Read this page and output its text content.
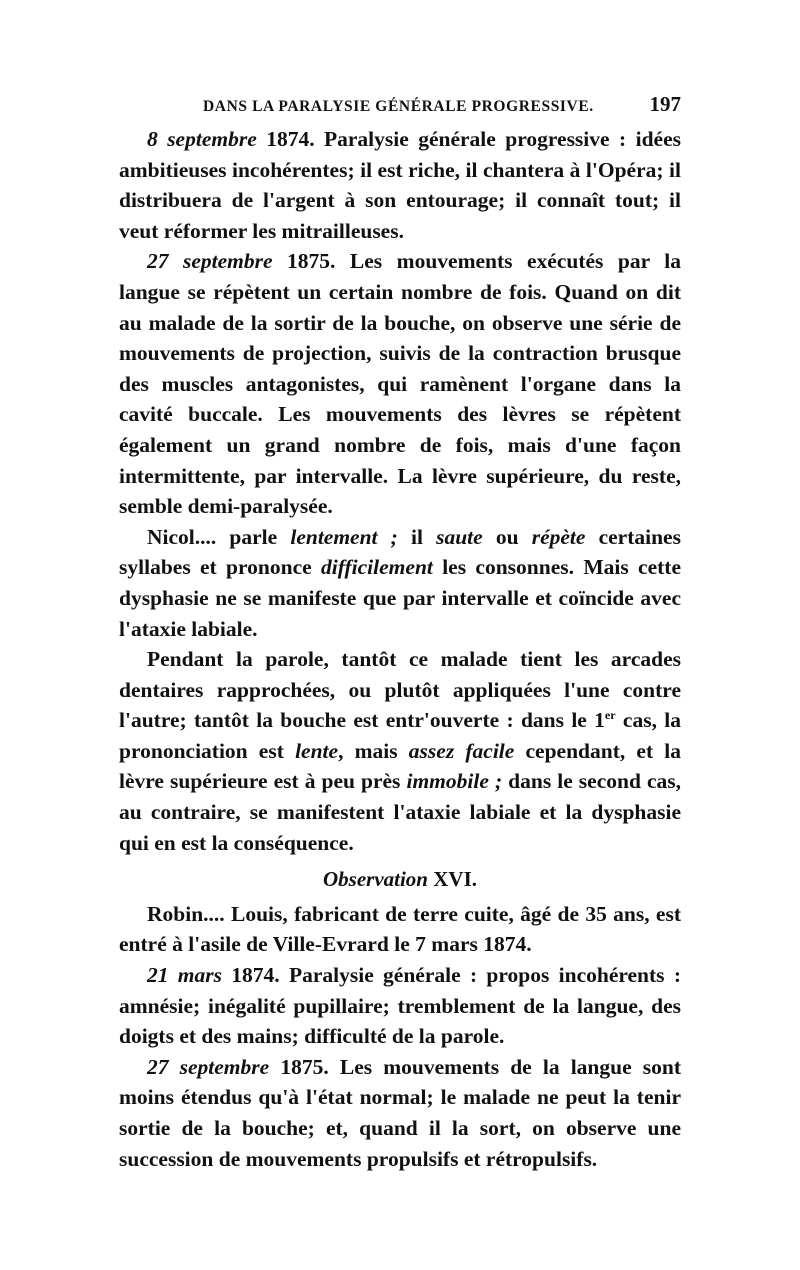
DANS LA PARALYSIE GÉNÉRALE PROGRESSIVE.	197

8 septembre 1874. Paralysie générale progressive : idées ambitieuses incohérentes; il est riche, il chantera à l'Opéra; il distribuera de l'argent à son entourage; il connaît tout; il veut réformer les mitrailleuses.

27 septembre 1875. Les mouvements exécutés par la langue se répètent un certain nombre de fois. Quand on dit au malade de la sortir de la bouche, on observe une série de mouvements de projection, suivis de la contraction brusque des muscles antagonistes, qui ramènent l'organe dans la cavité buccale. Les mouvements des lèvres se répètent également un grand nombre de fois, mais d'une façon intermittente, par intervalle. La lèvre supérieure, du reste, semble demi-paralysée.

Nicol.... parle lentement ; il saute ou répète certaines syllabes et prononce difficilement les consonnes. Mais cette dysphasie ne se manifeste que par intervalle et coïncide avec l'ataxie labiale.

Pendant la parole, tantôt ce malade tient les arcades dentaires rapprochées, ou plutôt appliquées l'une contre l'autre; tantôt la bouche est entr'ouverte : dans le 1er cas, la prononciation est lente, mais assez facile cependant, et la lèvre supérieure est à peu près immobile ; dans le second cas, au contraire, se manifestent l'ataxie labiale et la dysphasie qui en est la conséquence.

Observation XVI.

Robin.... Louis, fabricant de terre cuite, âgé de 35 ans, est entré à l'asile de Ville-Evrard le 7 mars 1874.

21 mars 1874. Paralysie générale : propos incohérents : amnésie; inégalité pupillaire; tremblement de la langue, des doigts et des mains; difficulté de la parole.

27 septembre 1875. Les mouvements de la langue sont moins étendus qu'à l'état normal; le malade ne peut la tenir sortie de la bouche; et, quand il la sort, on observe une succession de mouvements propulsifs et rétropulsifs.
